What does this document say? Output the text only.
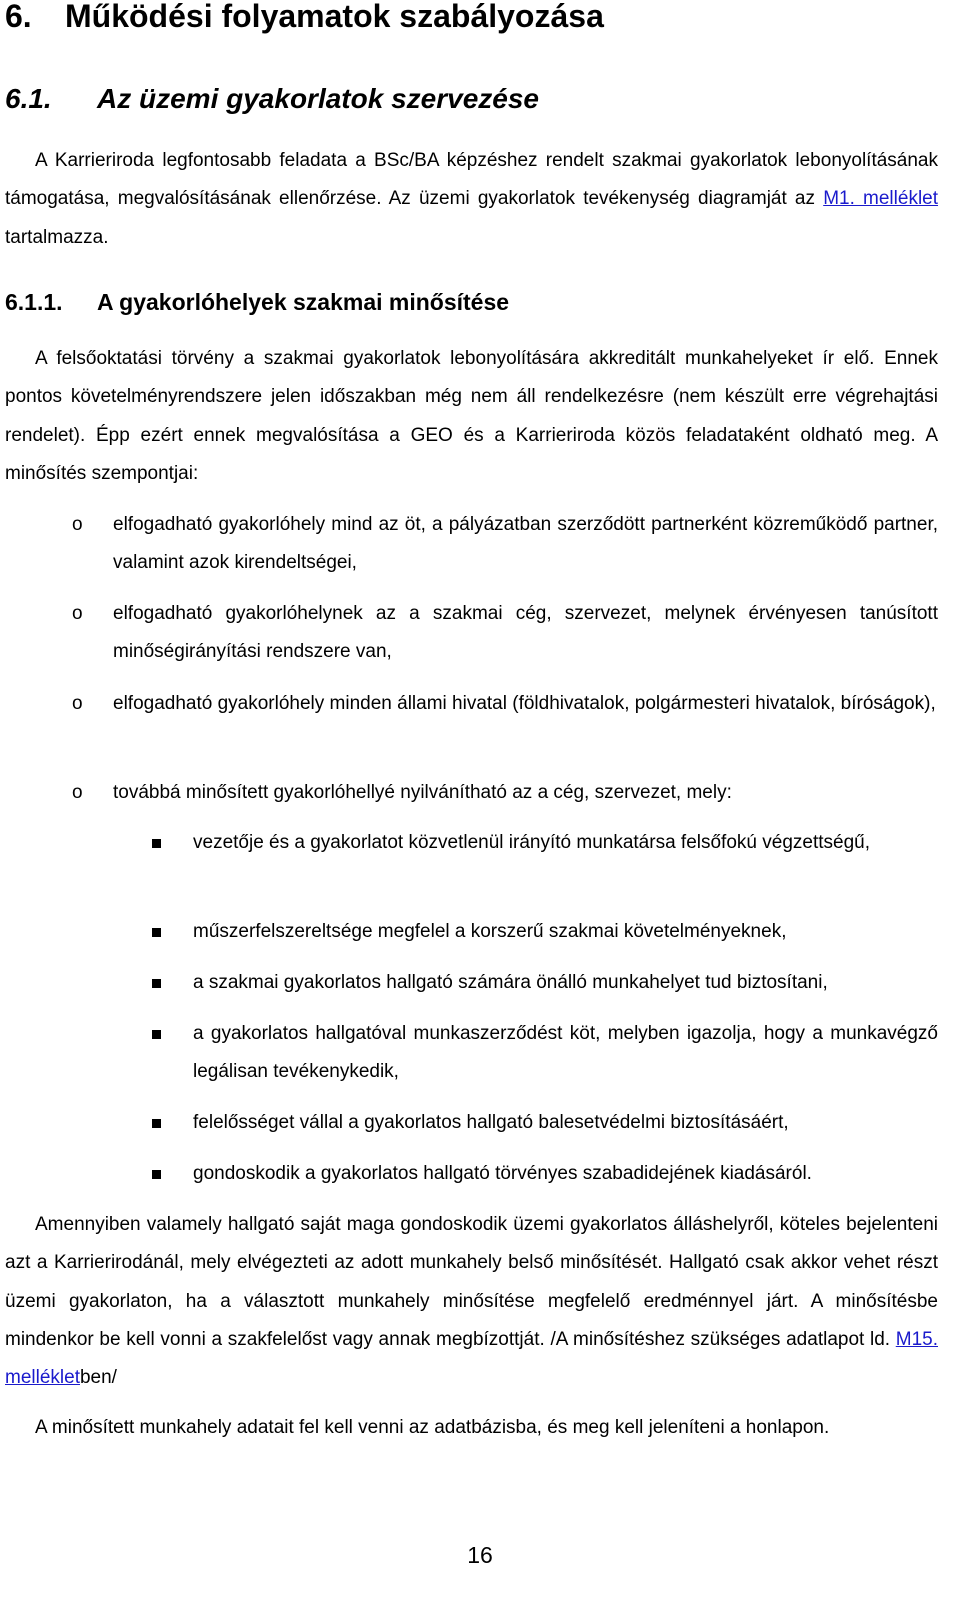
6. Működési folyamatok szabályozása
6.1. Az üzemi gyakorlatok szervezése

A Karrieriroda legfontosabb feladata a BSc/BA képzéshez rendelt szakmai gyakorlatok lebonyolításának támogatása, megvalósításának ellenőrzése. Az üzemi gyakorlatok tevékenység diagramját az M1. melléklet tartalmazza.

6.1.1. A gyakorlóhelyek szakmai minősítése

A felsőoktatási törvény a szakmai gyakorlatok lebonyolítására akkreditált munkahelyeket ír elő. Ennek pontos követelményrendszere jelen időszakban még nem áll rendelkezésre (nem készült erre végrehajtási rendelet). Épp ezért ennek megvalósítása a GEO és a Karrieriroda közös feladataként oldható meg. A minősítés szempontjai:

o elfogadható gyakorlóhely mind az öt, a pályázatban szerződött partnerként közreműködő partner, valamint azok kirendeltségei,

o elfogadható gyakorlóhelynek az a szakmai cég, szervezet, melynek érvényesen tanúsított minőségirányítási rendszere van,

o elfogadható gyakorlóhely minden állami hivatal (földhivatalok, polgármesteri hivatalok, bíróságok),

o továbbá minősített gyakorlóhellyé nyilvánítható az a cég, szervezet, mely:

vezetője és a gyakorlatot közvetlenül irányító munkatársa felsőfokú végzettségű,

műszerfelszereltsége megfelel a korszerű szakmai követelményeknek,

a szakmai gyakorlatos hallgató számára önálló munkahelyet tud biztosítani,

a gyakorlatos hallgatóval munkaszerződést köt, melyben igazolja, hogy a munkavégző legálisan tevékenykedik,

felelősséget vállal a gyakorlatos hallgató balesetvédelmi biztosításáért,

gondoskodik a gyakorlatos hallgató törvényes szabadidejének kiadásáról.

Amennyiben valamely hallgató saját maga gondoskodik üzemi gyakorlatos álláshelyről, köteles bejelenteni azt a Karrierirodánál, mely elvégezteti az adott munkahely belső minősítését. Hallgató csak akkor vehet részt üzemi gyakorlaton, ha a választott munkahely minősítése megfelelő eredménnyel járt. A minősítésbe mindenkor be kell vonni a szakfelelőst vagy annak megbízottját. /A minősítéshez szükséges adatlapot ld. M15. mellékletben/

A minősített munkahely adatait fel kell venni az adatbázisba, és meg kell jeleníteni a honlapon.

16
